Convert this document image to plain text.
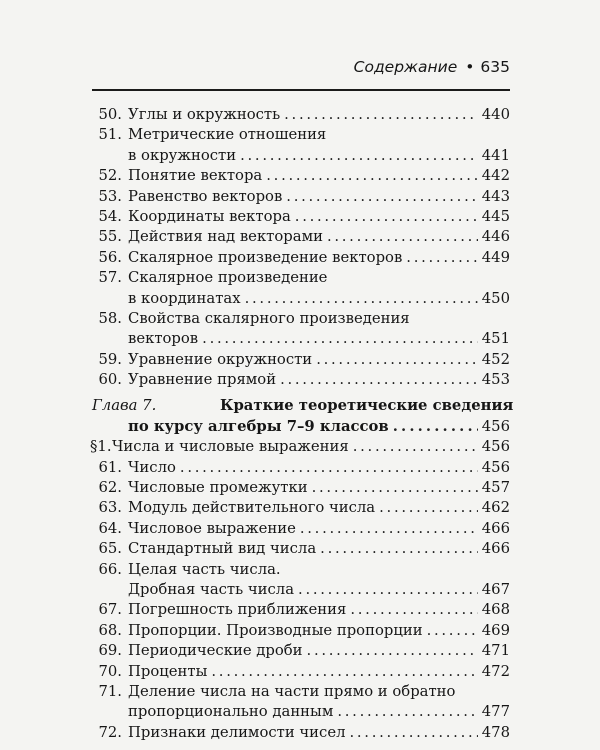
Содержание • 635
50. Углы и окружность . . .	440
51. Метрические отношения
в окружности . . .	441
52. Понятие вектора . . .	442
53. Равенство векторов . . .	443
54. Координаты вектора . . .	445
55. Действия над векторами . . .	446
56. Скалярное произведение векторов . . .	449
57. Скалярное произведение
в координатах . . .	450
58. Свойства скалярного произведения
векторов . . .	451
59. Уравнение окружности . . .	452
60. Уравнение прямой . . .	453
Глава 7.	Краткие теоретические сведения
по курсу алгебры 7–9 классов . . .	456
§1. Числа и числовые выражения . . .	456
61. Число . . .	456
62. Числовые промежутки . . .	457
63. Модуль действительного числа . . .	462
64. Числовое выражение . . .	466
65. Стандартный вид числа . . .	466
66. Целая часть числа.
Дробная часть числа . . .	467
67. Погрешность приближения . . .	468
68. Пропорции. Производные пропорции . . .	469
69. Периодические дроби . . .	471
70. Проценты . . .	472
71. Деление числа на части прямо и обратно
пропорционально данным . . .	477
72. Признаки делимости чисел . . .	478
